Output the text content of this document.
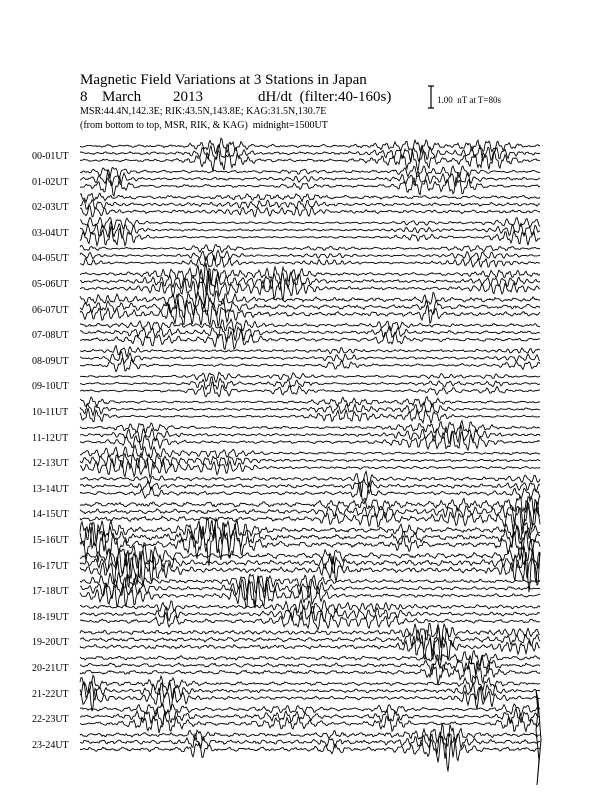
Magnetic Field Variations at 3 Stations in Japan
8 March 2013	dH/dt  (filter:40-160s)
MSR:44.4N,142.3E; RIK:43.5N,143.8E; KAG:31.5N,130.7E
(from bottom to top, MSR, RIK, & KAG)  midnight=1500UT
1.00  nT at T=80s
00-01UT
01-02UT
02-03UT
03-04UT
04-05UT
05-06UT
06-07UT
07-08UT
08-09UT
09-10UT
10-11UT
11-12UT
12-13UT
13-14UT
14-15UT
15-16UT
16-17UT
17-18UT
18-19UT
19-20UT
20-21UT
21-22UT
22-23UT
23-24UT
